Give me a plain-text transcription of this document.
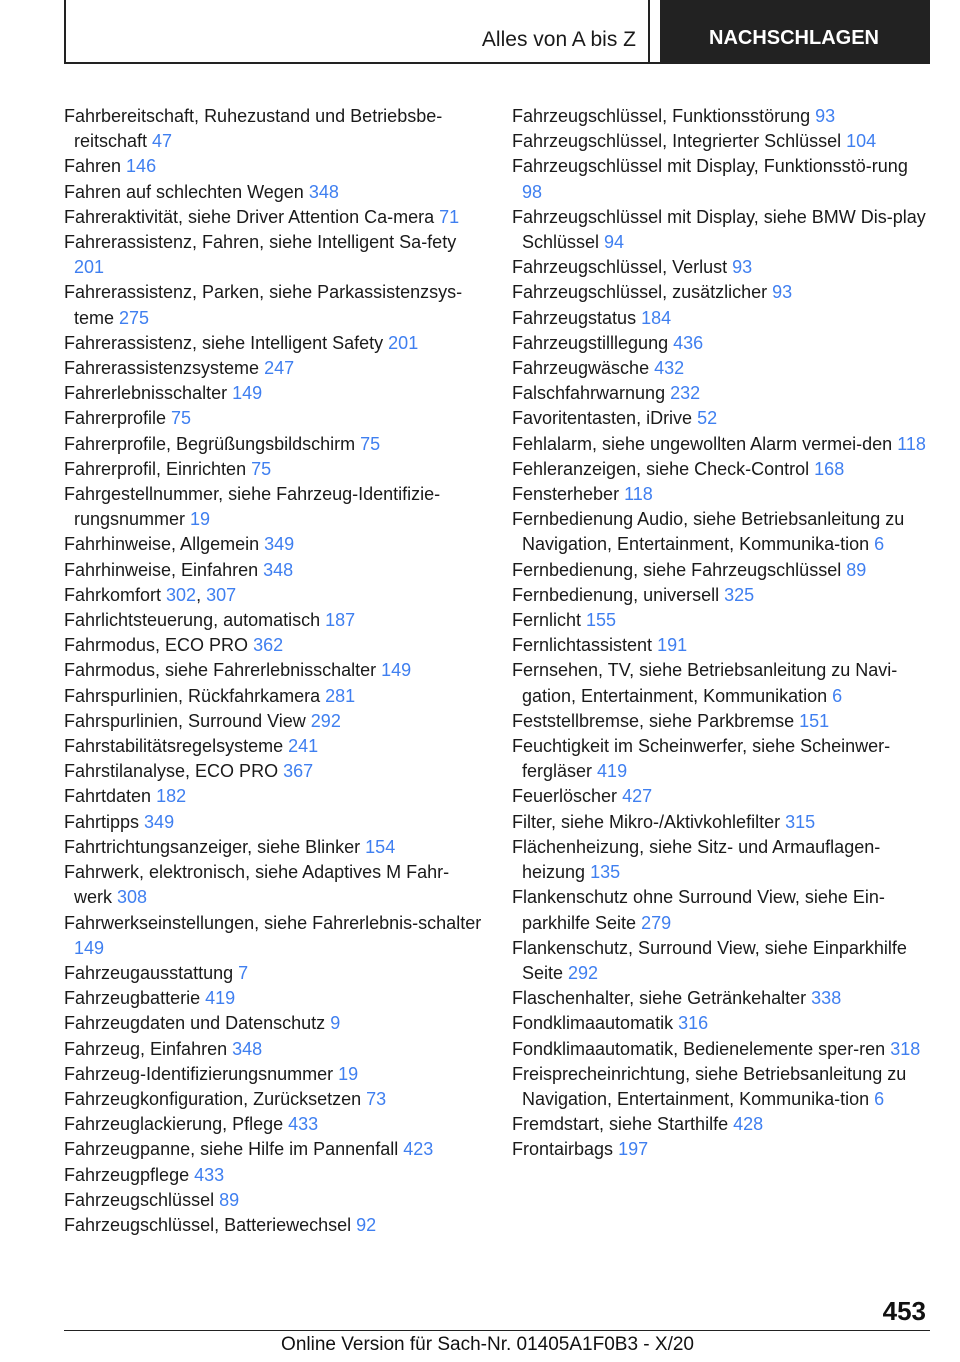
Alles von A bis Z	NACHSCHLAGEN
Fahrbereitschaft, Ruhezustand und Betriebsbe-reitschaft 47
Fahren 146
Fahren auf schlechten Wegen 348
Fahreraktivität, siehe Driver Attention Ca-mera 71
Fahrerassistenz, Fahren, siehe Intelligent Sa-fety 201
Fahrerassistenz, Parken, siehe Parkassistenzsys-teme 275
Fahrerassistenz, siehe Intelligent Safety 201
Fahrerassistenzsysteme 247
Fahrerlebnisschalter 149
Fahrerprofile 75
Fahrerprofile, Begrüßungsbildschirm 75
Fahrerprofil, Einrichten 75
Fahrgestellnummer, siehe Fahrzeug-Identifizie-rungsnummer 19
Fahrhinweise, Allgemein 349
Fahrhinweise, Einfahren 348
Fahrkomfort 302, 307
Fahrlichtsteuerung, automatisch 187
Fahrmodus, ECO PRO 362
Fahrmodus, siehe Fahrerlebnisschalter 149
Fahrspurlinien, Rückfahrkamera 281
Fahrspurlinien, Surround View 292
Fahrstabilitätsregelsysteme 241
Fahrstilanalyse, ECO PRO 367
Fahrtdaten 182
Fahrtipps 349
Fahrtrichtungsanzeiger, siehe Blinker 154
Fahrwerk, elektronisch, siehe Adaptives M Fahr-werk 308
Fahrwerkseinstellungen, siehe Fahrerlebnis-schalter 149
Fahrzeugausstattung 7
Fahrzeugbatterie 419
Fahrzeugdaten und Datenschutz 9
Fahrzeug, Einfahren 348
Fahrzeug-Identifizierungsnummer 19
Fahrzeugkonfiguration, Zurücksetzen 73
Fahrzeuglackierung, Pflege 433
Fahrzeugpanne, siehe Hilfe im Pannenfall 423
Fahrzeugpflege 433
Fahrzeugschlüssel 89
Fahrzeugschlüssel, Batteriewechsel 92
Fahrzeugschlüssel, Funktionsstörung 93
Fahrzeugschlüssel, Integrierter Schlüssel 104
Fahrzeugschlüssel mit Display, Funktionsstö-rung 98
Fahrzeugschlüssel mit Display, siehe BMW Dis-play Schlüssel 94
Fahrzeugschlüssel, Verlust 93
Fahrzeugschlüssel, zusätzlicher 93
Fahrzeugstatus 184
Fahrzeugstilllegung 436
Fahrzeugwäsche 432
Falschfahrwarnung 232
Favoritentasten, iDrive 52
Fehlalarm, siehe ungewollten Alarm vermei-den 118
Fehleranzeigen, siehe Check-Control 168
Fensterheber 118
Fernbedienung Audio, siehe Betriebsanleitung zu Navigation, Entertainment, Kommunika-tion 6
Fernbedienung, siehe Fahrzeugschlüssel 89
Fernbedienung, universell 325
Fernlicht 155
Fernlichtassistent 191
Fernsehen, TV, siehe Betriebsanleitung zu Navi-gation, Entertainment, Kommunikation 6
Feststellbremse, siehe Parkbremse 151
Feuchtigkeit im Scheinwerfer, siehe Scheinwer-fergläser 419
Feuerlöscher 427
Filter, siehe Mikro-/Aktivkohlefilter 315
Flächenheizung, siehe Sitz- und Armauflagen-heizung 135
Flankenschutz ohne Surround View, siehe Ein-parkhilfe Seite 279
Flankenschutz, Surround View, siehe Einparkhilfe Seite 292
Flaschenhalter, siehe Getränkehalter 338
Fondklimaautomatik 316
Fondklimaautomatik, Bedienelemente sper-ren 318
Freisprecheinrichtung, siehe Betriebsanleitung zu Navigation, Entertainment, Kommunika-tion 6
Fremdstart, siehe Starthilfe 428
Frontairbags 197
453
Online Version für Sach-Nr. 01405A1F0B3 - X/20
